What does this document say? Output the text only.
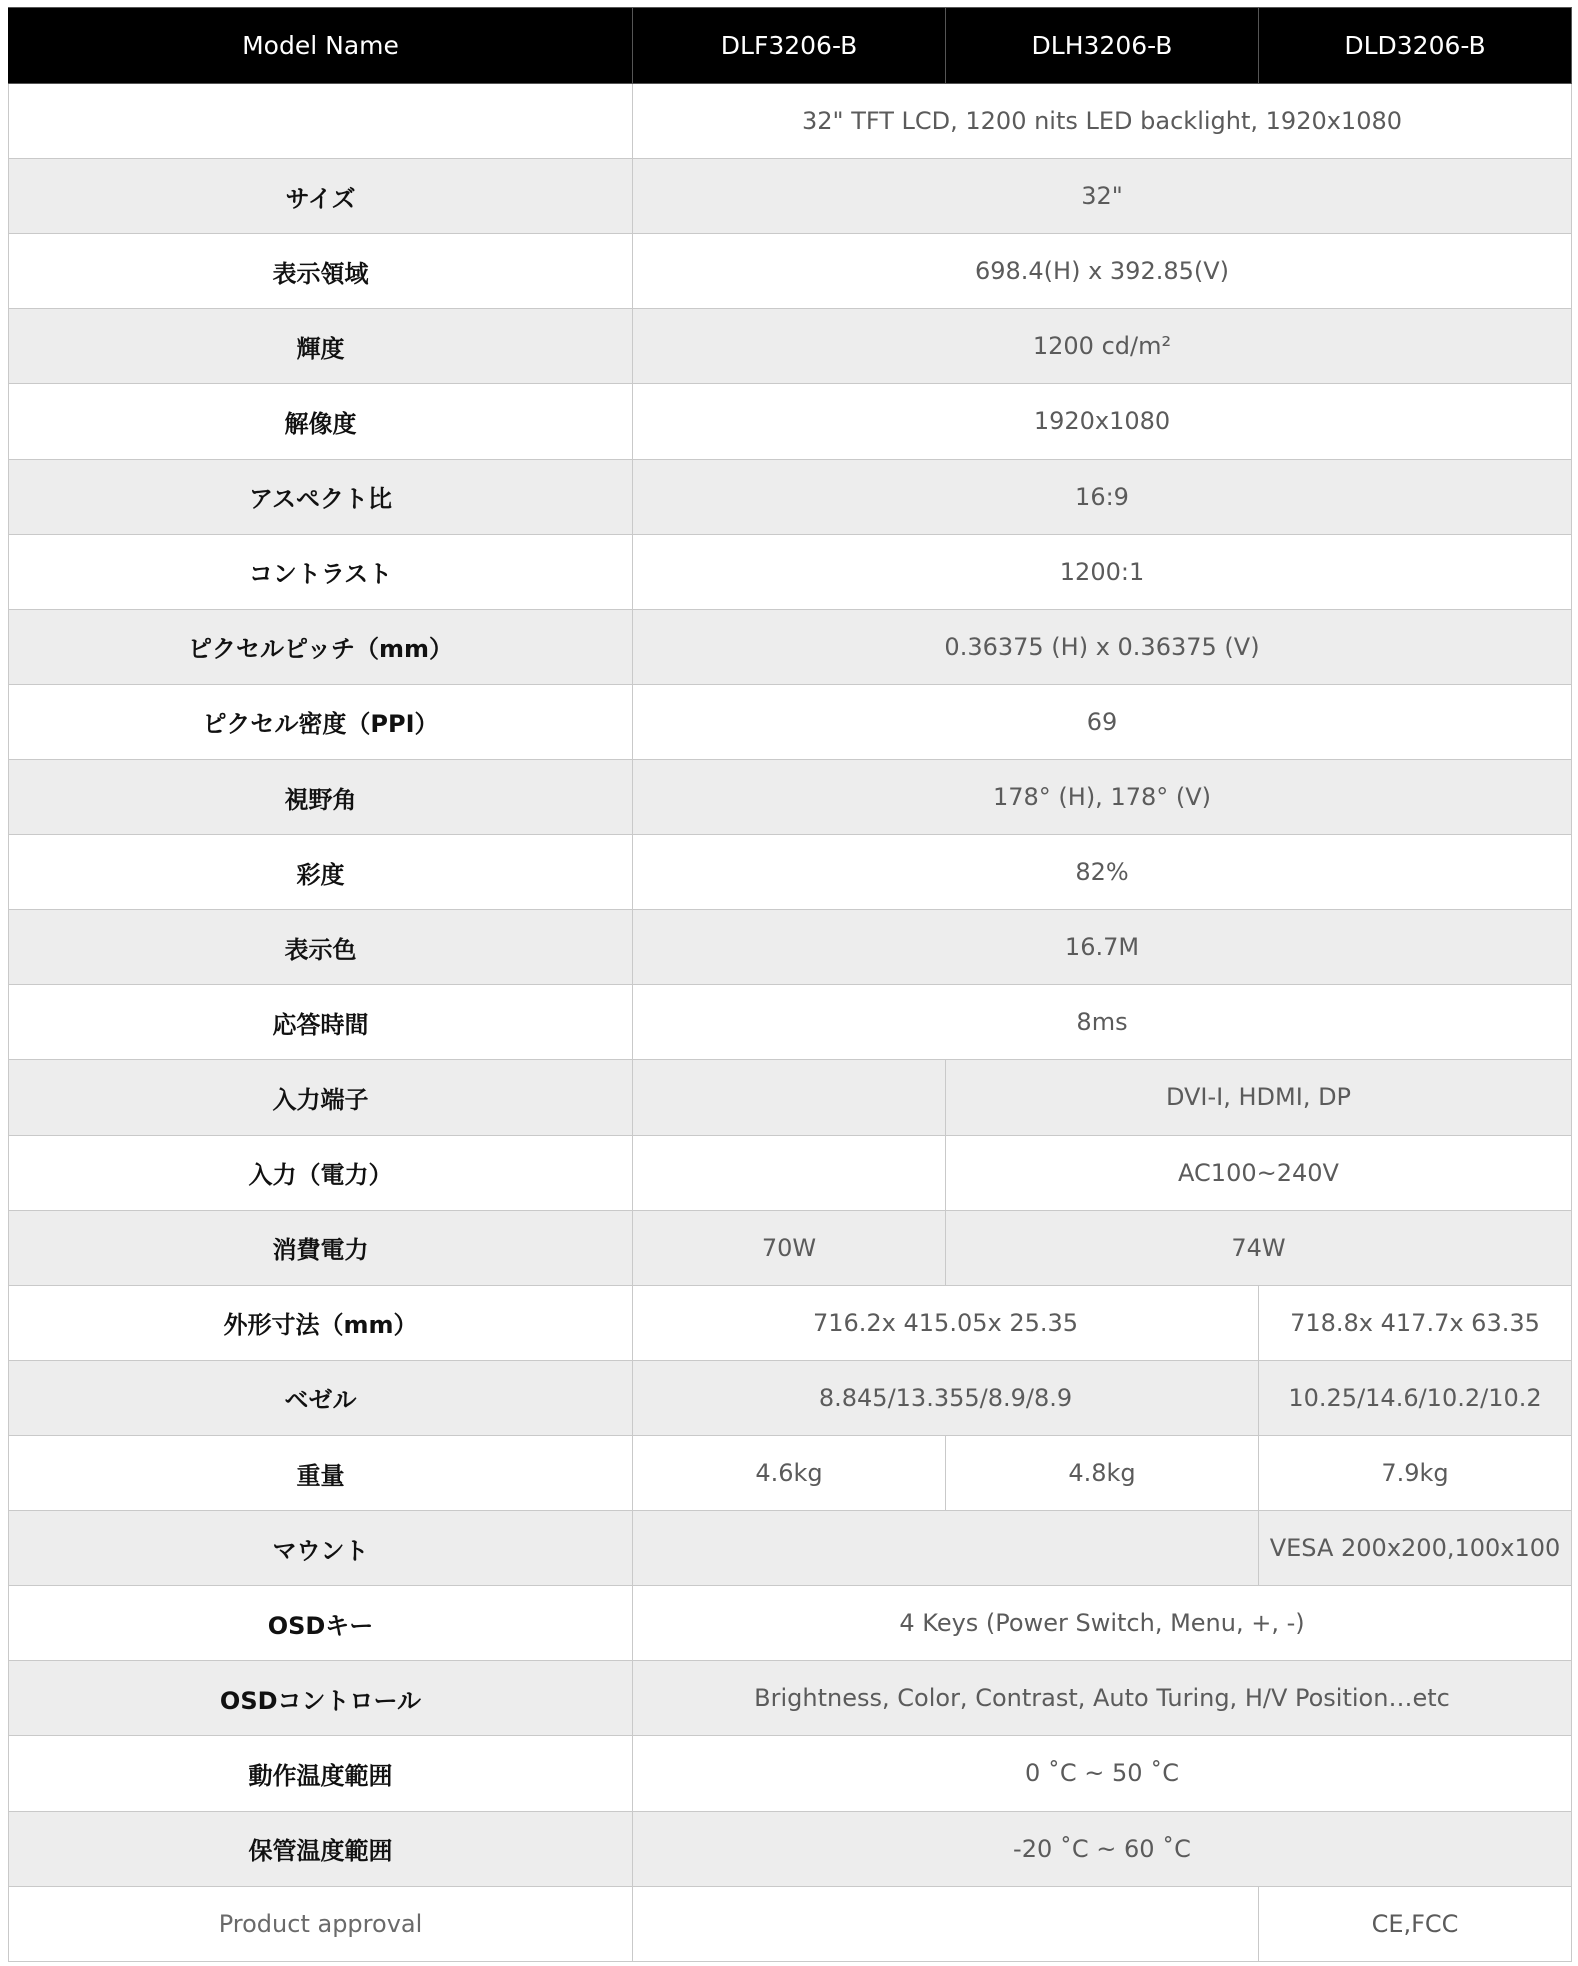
Model Name	DLF3206-B	DLH3206-B	DLD3206-B
	32" TFT LCD, 1200 nits LED backlight, 1920x1080		
サイズ	32"		
表示領域	698.4(H) x 392.85(V)		
輝度	1200 cd/m²		
解像度	1920x1080		
アスペクト比	16:9		
コントラスト	1200:1		
ピクセルピッチ（mm）	0.36375 (H) x 0.36375 (V)		
ピクセル密度（PPI）	69		
視野角	178° (H), 178° (V)		
彩度	82%		
表示色	16.7M		
応答時間	8ms		
入力端子		DVI-I, HDMI, DP	
入力（電力）		AC100~240V	
消費電力	70W	74W	
外形寸法（mm）	716.2x 415.05x 25.35		718.8x 417.7x 63.35
ベゼル	8.845/13.355/8.9/8.9		10.25/14.6/10.2/10.2
重量	4.6kg	4.8kg	7.9kg
マウント			VESA 200x200,100x100
OSDキー	4 Keys (Power Switch, Menu, +, -)		
OSDコントロール	Brightness, Color, Contrast, Auto Turing, H/V Position…etc		
動作温度範囲	0 ˚C ~ 50 ˚C		
保管温度範囲	-20 ˚C ~ 60 ˚C		
Product approval			CE,FCC
